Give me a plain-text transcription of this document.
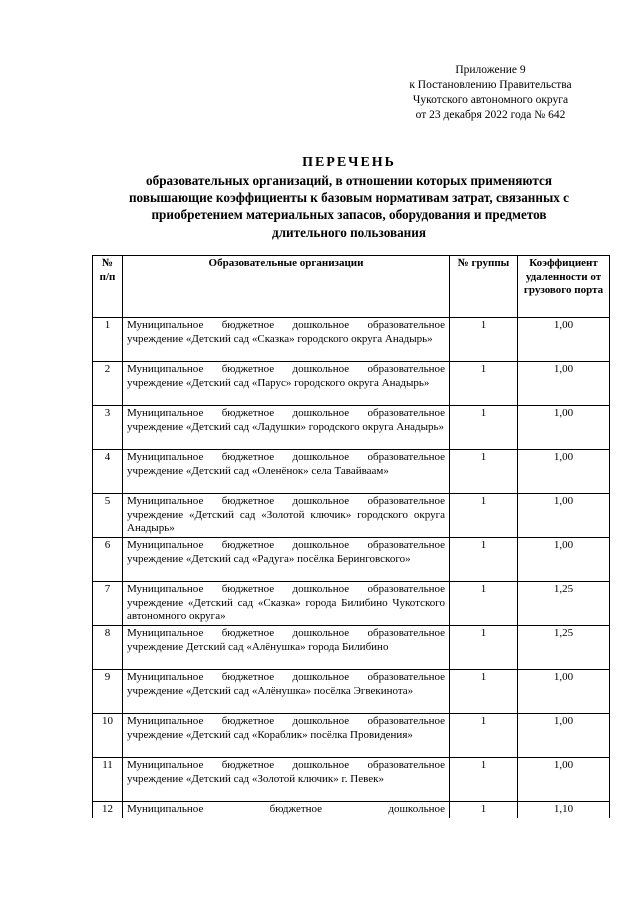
Приложение 9
к Постановлению Правительства
Чукотского автономного округа
от 23 декабря 2022 года № 642
ПЕРЕЧЕНЬ
образовательных организаций, в отношении которых применяются
повышающие коэффициенты к базовым нормативам затрат, связанных с
приобретением материальных запасов, оборудования и предметов
длительного пользования
№ п/п	Образовательные организации	№ группы	Коэффициент удаленности от грузового порта
1	Муниципальное бюджетное дошкольное образовательное учреждение «Детский сад «Сказка» городского округа Анадырь»	1	1,00
2	Муниципальное бюджетное дошкольное образовательное учреждение «Детский сад «Парус» городского округа Анадырь»	1	1,00
3	Муниципальное бюджетное дошкольное образовательное учреждение «Детский сад «Ладушки» городского округа Анадырь»	1	1,00
4	Муниципальное бюджетное дошкольное образовательное учреждение «Детский сад «Оленёнок» села Тавайваам»	1	1,00
5	Муниципальное бюджетное дошкольное образовательное учреждение «Детский сад «Золотой ключик» городского округа Анадырь»	1	1,00
6	Муниципальное бюджетное дошкольное образовательное учреждение «Детский сад «Радуга» посёлка Беринговского»	1	1,00
7	Муниципальное бюджетное дошкольное образовательное учреждение «Детский сад «Сказка» города Билибино Чукотского автономного округа»	1	1,25
8	Муниципальное бюджетное дошкольное образовательное учреждение Детский сад «Алёнушка» города Билибино	1	1,25
9	Муниципальное бюджетное дошкольное образовательное учреждение «Детский сад «Алёнушка» посёлка Эгвекинота»	1	1,00
10	Муниципальное бюджетное дошкольное образовательное учреждение «Детский сад «Кораблик» посёлка Провидения»	1	1,00
11	Муниципальное бюджетное дошкольное образовательное учреждение «Детский сад «Золотой ключик» г. Певек»	1	1,00
12	Муниципальное бюджетное дошкольное	1	1,10
